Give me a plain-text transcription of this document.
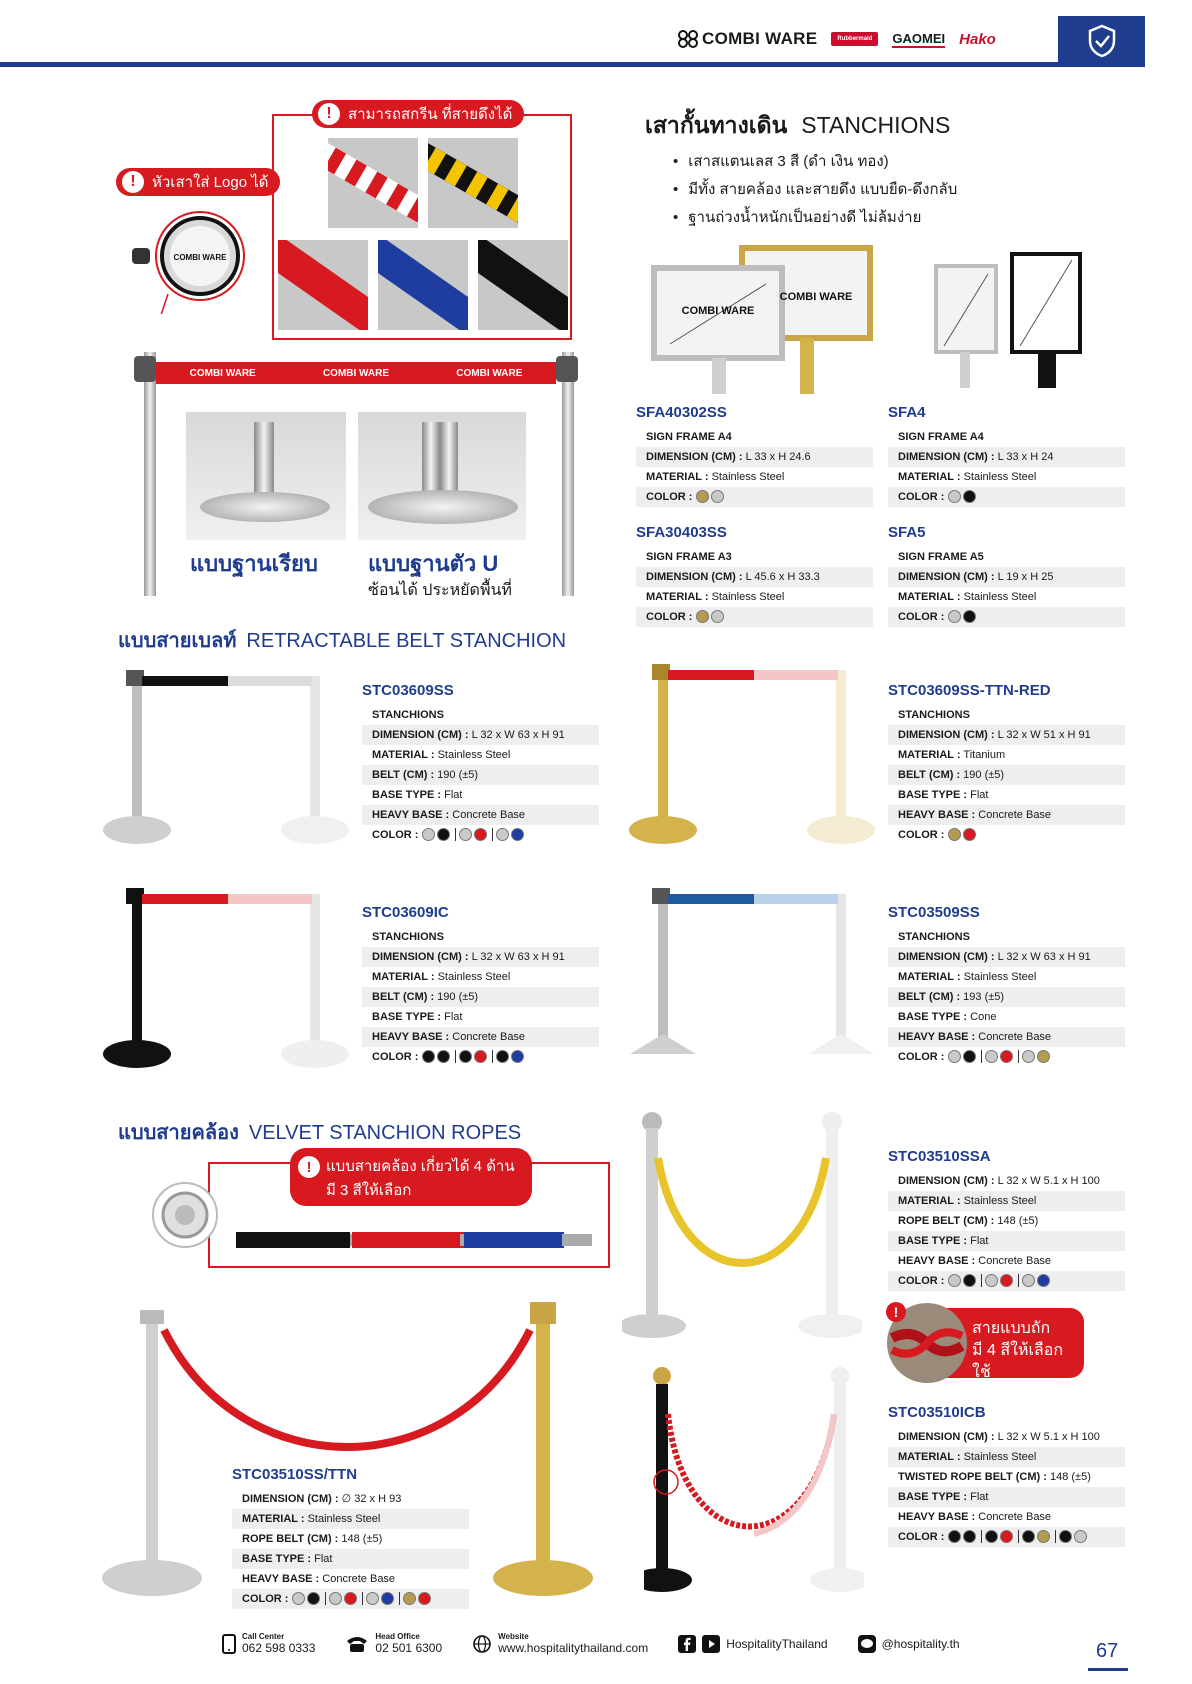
COMBI WARE	Rubbermaid	GAOMEI Hako
เสากั้นทางเดิน STANCHIONS
• เสาสแตนเลส 3 สี (ดำ เงิน ทอง)
• มีทั้ง สายคล้อง และสายดึง แบบยืด-ดึงกลับ
• ฐานถ่วงน้ำหนักเป็นอย่างดี ไม่ล้มง่าย
!	สามารถสกรีน ที่สายดึงได้
!	หัวเสาใส่ Logo ได้
COMBI WARE
COMBI WARE	COMBI WARE	COMBI WARE
แบบฐานเรียบ แบบฐานตัว U
ซ้อนได้ ประหยัดพื้นที่
COMBI WARE
COMBI WARE
SFA40302SS
SIGN FRAME A4
DIMENSION (CM) : L 33 x H 24.6
MATERIAL : Stainless Steel
COLOR :
SFA4
SIGN FRAME A4
DIMENSION (CM) : L 33 x H 24
MATERIAL : Stainless Steel
COLOR :
SFA30403SS
SIGN FRAME A3
DIMENSION (CM) : L 45.6 x H 33.3
MATERIAL : Stainless Steel
COLOR :
SFA5
SIGN FRAME A5
DIMENSION (CM) : L 19 x H 25
MATERIAL : Stainless Steel
COLOR :
แบบสายเบลท์ RETRACTABLE BELT STANCHION
STC03609SS
STANCHIONS
DIMENSION (CM) : L 32 x W 63 x H 91
MATERIAL : Stainless Steel
BELT (CM) : 190 (±5)
BASE TYPE : Flat
HEAVY BASE : Concrete Base
COLOR :
STC03609SS-TTN-RED
STANCHIONS
DIMENSION (CM) : L 32 x W 51 x H 91
MATERIAL : Titanium
BELT (CM) : 190 (±5)
BASE TYPE : Flat
HEAVY BASE : Concrete Base
COLOR :
STC03609IC
STANCHIONS
DIMENSION (CM) : L 32 x W 63 x H 91
MATERIAL : Stainless Steel
BELT (CM) : 190 (±5)
BASE TYPE : Flat
HEAVY BASE : Concrete Base
COLOR :
STC03509SS
STANCHIONS
DIMENSION (CM) : L 32 x W 63 x H 91
MATERIAL : Stainless Steel
BELT (CM) : 193 (±5)
BASE TYPE : Cone
HEAVY BASE : Concrete Base
COLOR :
แบบสายคล้อง VELVET STANCHION ROPES
! แบบสายคล้อง เกี่ยวได้ 4 ด้าน
มี 3 สีให้เลือก
STC03510SS/TTN
DIMENSION (CM) : ∅ 32 x H 93
MATERIAL : Stainless Steel
ROPE BELT (CM) : 148 (±5)
BASE TYPE : Flat
HEAVY BASE : Concrete Base
COLOR :
STC03510SSA
DIMENSION (CM) : L 32 x W 5.1 x H 100
MATERIAL : Stainless Steel
ROPE BELT (CM) : 148 (±5)
BASE TYPE : Flat
HEAVY BASE : Concrete Base
COLOR :
สายแบบถัก
มี 4 สีให้เลือกใช้
!
STC03510ICB
DIMENSION (CM) : L 32 x W 5.1 x H 100
MATERIAL : Stainless Steel
TWISTED ROPE BELT (CM) : 148 (±5)
BASE TYPE : Flat
HEAVY BASE : Concrete Base
COLOR :
Call Center
062 598 0333
Head Office
02 501 6300
Website
www.hospitalitythailand.com	HospitalityThailand	@hospitality.th	67
